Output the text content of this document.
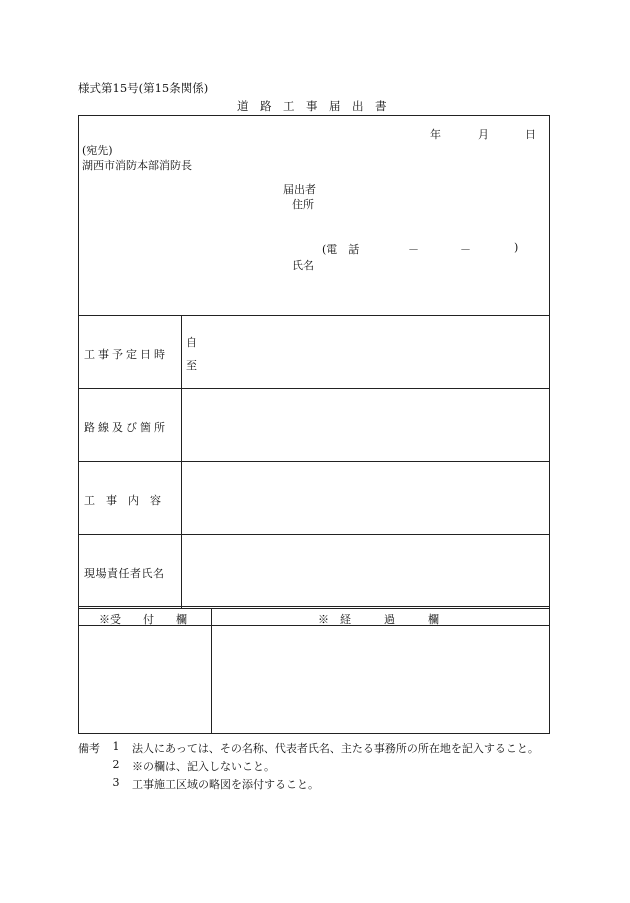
様式第15号(第15条関係)
道　路　工　事　届　出　書
年	月	日
(宛先)
湖西市消防本部消防長
届出者
住所
(電　話	－	－	)
氏名
工事予定日時
自
至
路線及び箇所
工　事　内　容
現場責任者氏名
※受　　付　　欄	※　経　　　過　　　欄
備考 1 法人にあっては、その名称、代表者氏名、主たる事務所の所在地を記入すること。
2 ※の欄は、記入しないこと。
3 工事施工区域の略図を添付すること。
